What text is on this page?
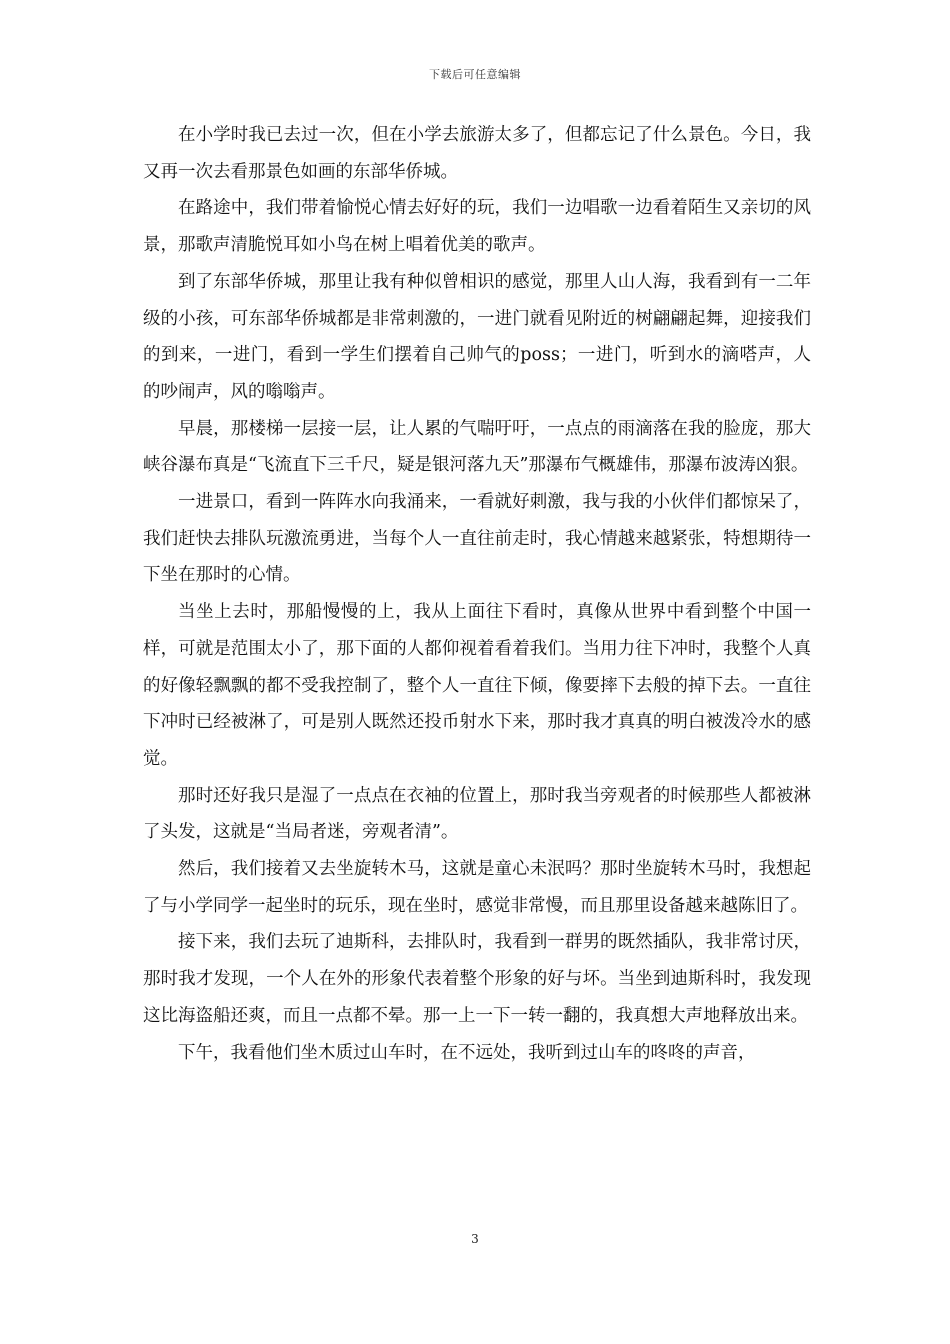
下载后可任意编辑

在小学时我已去过一次，但在小学去旅游太多了，但都忘记了什么景色。今日，我又再一次去看那景色如画的东部华侨城。

在路途中，我们带着愉悦心情去好好的玩，我们一边唱歌一边看着陌生又亲切的风景，那歌声清脆悦耳如小鸟在树上唱着优美的歌声。

到了东部华侨城，那里让我有种似曾相识的感觉，那里人山人海，我看到有一二年级的小孩，可东部华侨城都是非常刺激的，一进门就看见附近的树翩翩起舞，迎接我们的到来，一进门，看到一学生们摆着自己帅气的poss；一进门，听到水的滴嗒声，人的吵闹声，风的嗡嗡声。

早晨，那楼梯一层接一层，让人累的气喘吁吁，一点点的雨滴落在我的脸庞，那大峡谷瀑布真是“飞流直下三千尺，疑是银河落九天”那瀑布气概雄伟，那瀑布波涛凶狠。

一进景口，看到一阵阵水向我涌来，一看就好刺激，我与我的小伙伴们都惊呆了，我们赶快去排队玩激流勇进，当每个人一直往前走时，我心情越来越紧张，特想期待一下坐在那时的心情。

当坐上去时，那船慢慢的上，我从上面往下看时，真像从世界中看到整个中国一样，可就是范围太小了，那下面的人都仰视着看着我们。当用力往下冲时，我整个人真的好像轻飘飘的都不受我控制了，整个人一直往下倾，像要摔下去般的掉下去。一直往下冲时已经被淋了，可是别人既然还投币射水下来，那时我才真真的明白被泼冷水的感觉。

那时还好我只是湿了一点点在衣袖的位置上，那时我当旁观者的时候那些人都被淋了头发，这就是“当局者迷，旁观者清”。

然后，我们接着又去坐旋转木马，这就是童心未泯吗？那时坐旋转木马时，我想起了与小学同学一起坐时的玩乐，现在坐时，感觉非常慢，而且那里设备越来越陈旧了。

接下来，我们去玩了迪斯科，去排队时，我看到一群男的既然插队，我非常讨厌，那时我才发现，一个人在外的形象代表着整个形象的好与坏。当坐到迪斯科时，我发现这比海盗船还爽，而且一点都不晕。那一上一下一转一翻的，我真想大声地释放出来。

下午，我看他们坐木质过山车时，在不远处，我听到过山车的咚咚的声音，

3
